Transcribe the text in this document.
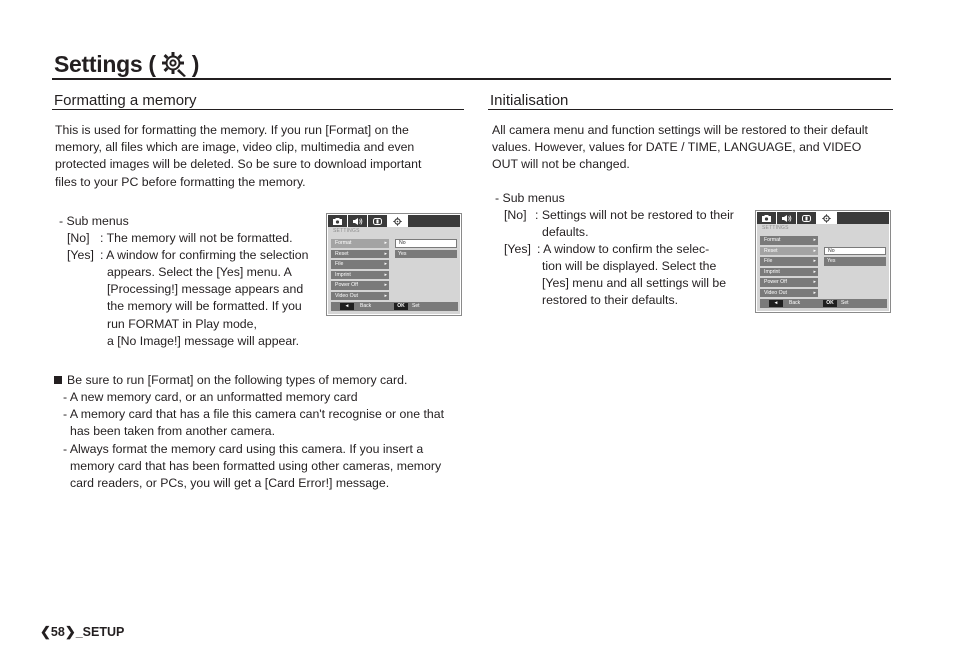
Settings ( )
Formatting a memory
This is used for formatting the memory. If you run [Format] on the
memory, all files which are image, video clip, multimedia and even
protected images will be deleted. So be sure to download important
files to your PC before formatting the memory.
- Sub menus
[No] : The memory will not be formatted.
[Yes] : A window for confirming the selection
appears. Select the [Yes] menu. A
[Processing!] message appears and
the memory will be formatted. If you
run FORMAT in Play mode,
a [No Image!] message will appear.
SETTINGS
Format	▸
Reset	▸
File	▸
Imprint	▸
Power Off	▸
Video Out	▸
No
Yes
◂	Back	OK	Set
Be sure to run [Format] on the following types of memory card.
- A new memory card, or an unformatted memory card
- A memory card that has a file this camera can't recognise or one that
has been taken from another camera.
- Always format the memory card using this camera. If you insert a
memory card that has been formatted using other cameras, memory
card readers, or PCs, you will get a [Card Error!] message.
Initialisation
All camera menu and function settings will be restored to their default
values. However, values for DATE / TIME, LANGUAGE, and VIDEO
OUT will not be changed.
- Sub menus
[No] : Settings will not be restored to their
defaults.
[Yes] : A window to confirm the selec-
tion will be displayed. Select the
[Yes] menu and all settings will be
restored to their defaults.
SETTINGS
Format	▸
Reset	▸
File	▸
Imprint	▸
Power Off	▸
Video Out	▸
No
Yes
◂	Back	OK	Set
❮ 58 ❯ _SETUP
